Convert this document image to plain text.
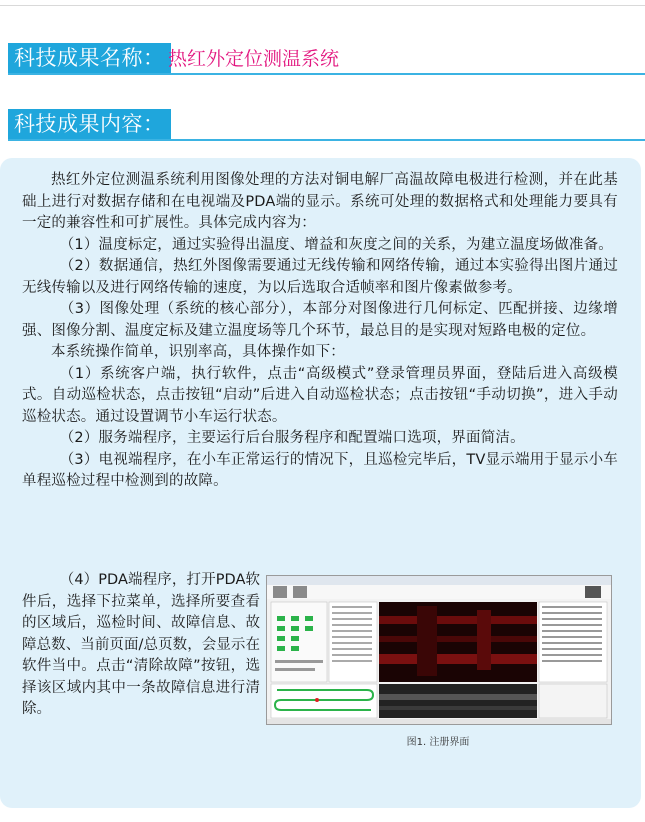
科技成果名称： 热红外定位测温系统
科技成果内容：

热红外定位测温系统利用图像处理的方法对铜电解厂高温故障电极进行检测，并在此基础上进行对数据存储和在电视端及PDA端的显示。系统可处理的数据格式和处理能力要具有一定的兼容性和可扩展性。具体完成内容为：

（1）温度标定，通过实验得出温度、增益和灰度之间的关系，为建立温度场做准备。

（2）数据通信，热红外图像需要通过无线传输和网络传输，通过本实验得出图片通过无线传输以及进行网络传输的速度，为以后选取合适帧率和图片像素做参考。

（3）图像处理（系统的核心部分），本部分对图像进行几何标定、匹配拼接、边缘增强、图像分割、温度定标及建立温度场等几个环节，最总目的是实现对短路电极的定位。

本系统操作简单，识别率高，具体操作如下：

（1）系统客户端，执行软件，点击“高级模式”登录管理员界面，登陆后进入高级模式。自动巡检状态，点击按钮“启动”后进入自动巡检状态；点击按钮“手动切换”，进入手动巡检状态。通过设置调节小车运行状态。

（2）服务端程序，主要运行后台服务程序和配置端口选项，界面简洁。

（3）电视端程序，在小车正常运行的情况下，且巡检完毕后，TV显示端用于显示小车单程巡检过程中检测到的故障。

（4）PDA端程序，打开PDA软件后，选择下拉菜单，选择所要查看的区域后，巡检时间、故障信息、故障总数、当前页面/总页数，会显示在软件当中。点击“清除故障”按钮，选择该区域内其中一条故障信息进行清除。

图1. 注册界面
